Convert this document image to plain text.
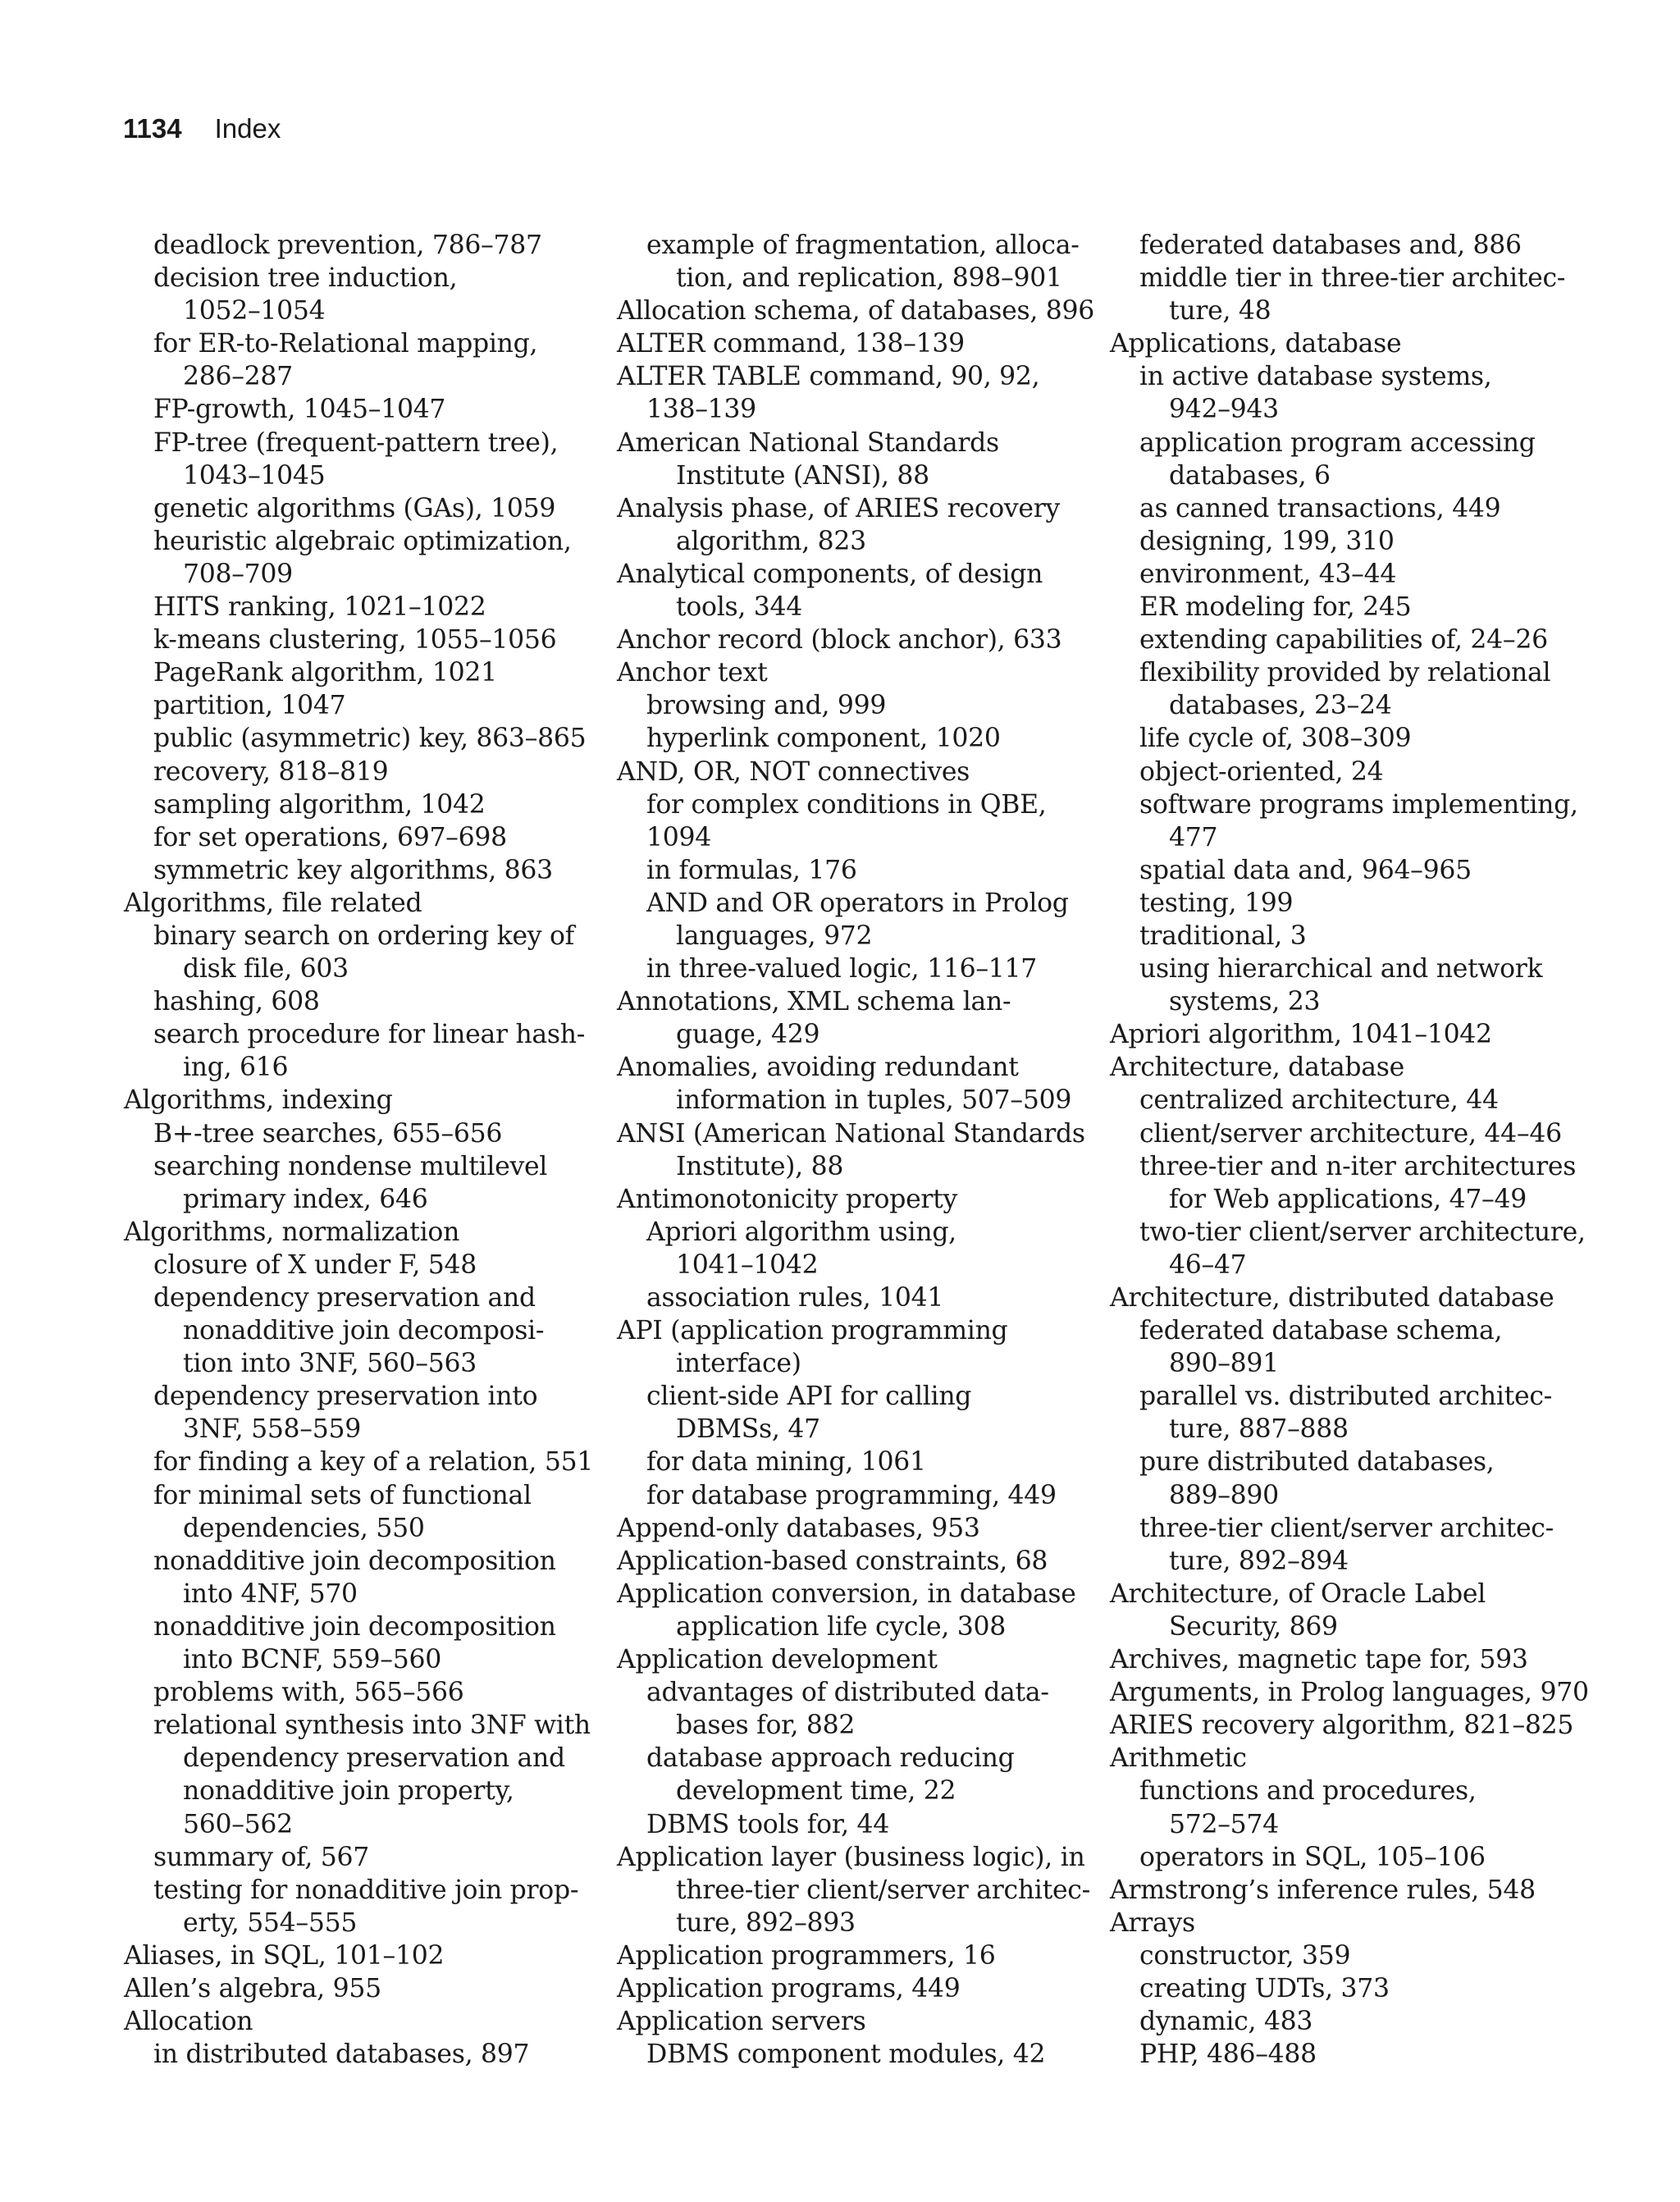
1134 Index
deadlock prevention, 786–787
decision tree induction,
1052–1054
for ER-to-Relational mapping,
286–287
FP-growth, 1045–1047
FP-tree (frequent-pattern tree),
1043–1045
genetic algorithms (GAs), 1059
heuristic algebraic optimization,
708–709
HITS ranking, 1021–1022
k-means clustering, 1055–1056
PageRank algorithm, 1021
partition, 1047
public (asymmetric) key, 863–865
recovery, 818–819
sampling algorithm, 1042
for set operations, 697–698
symmetric key algorithms, 863
Algorithms, file related
binary search on ordering key of
disk file, 603
hashing, 608
search procedure for linear hash-
ing, 616
Algorithms, indexing
B+-tree searches, 655–656
searching nondense multilevel
primary index, 646
Algorithms, normalization
closure of X under F, 548
dependency preservation and
nonadditive join decomposi-
tion into 3NF, 560–563
dependency preservation into
3NF, 558–559
for finding a key of a relation, 551
for minimal sets of functional
dependencies, 550
nonadditive join decomposition
into 4NF, 570
nonadditive join decomposition
into BCNF, 559–560
problems with, 565–566
relational synthesis into 3NF with
dependency preservation and
nonadditive join property,
560–562
summary of, 567
testing for nonadditive join prop-
erty, 554–555
Aliases, in SQL, 101–102
Allen’s algebra, 955
Allocation
in distributed databases, 897
example of fragmentation, alloca-
tion, and replication, 898–901
Allocation schema, of databases, 896
ALTER command, 138–139
ALTER TABLE command, 90, 92,
138–139
American National Standards
Institute (ANSI), 88
Analysis phase, of ARIES recovery
algorithm, 823
Analytical components, of design
tools, 344
Anchor record (block anchor), 633
Anchor text
browsing and, 999
hyperlink component, 1020
AND, OR, NOT connectives
for complex conditions in QBE,
1094
in formulas, 176
AND and OR operators in Prolog
languages, 972
in three-valued logic, 116–117
Annotations, XML schema lan-
guage, 429
Anomalies, avoiding redundant
information in tuples, 507–509
ANSI (American National Standards
Institute), 88
Antimonotonicity property
Apriori algorithm using,
1041–1042
association rules, 1041
API (application programming
interface)
client-side API for calling
DBMSs, 47
for data mining, 1061
for database programming, 449
Append-only databases, 953
Application-based constraints, 68
Application conversion, in database
application life cycle, 308
Application development
advantages of distributed data-
bases for, 882
database approach reducing
development time, 22
DBMS tools for, 44
Application layer (business logic), in
three-tier client/server architec-
ture, 892–893
Application programmers, 16
Application programs, 449
Application servers
DBMS component modules, 42
federated databases and, 886
middle tier in three-tier architec-
ture, 48
Applications, database
in active database systems,
942–943
application program accessing
databases, 6
as canned transactions, 449
designing, 199, 310
environment, 43–44
ER modeling for, 245
extending capabilities of, 24–26
flexibility provided by relational
databases, 23–24
life cycle of, 308–309
object-oriented, 24
software programs implementing,
477
spatial data and, 964–965
testing, 199
traditional, 3
using hierarchical and network
systems, 23
Apriori algorithm, 1041–1042
Architecture, database
centralized architecture, 44
client/server architecture, 44–46
three-tier and n-iter architectures
for Web applications, 47–49
two-tier client/server architecture,
46–47
Architecture, distributed database
federated database schema,
890–891
parallel vs. distributed architec-
ture, 887–888
pure distributed databases,
889–890
three-tier client/server architec-
ture, 892–894
Architecture, of Oracle Label
Security, 869
Archives, magnetic tape for, 593
Arguments, in Prolog languages, 970
ARIES recovery algorithm, 821–825
Arithmetic
functions and procedures,
572–574
operators in SQL, 105–106
Armstrong’s inference rules, 548
Arrays
constructor, 359
creating UDTs, 373
dynamic, 483
PHP, 486–488
